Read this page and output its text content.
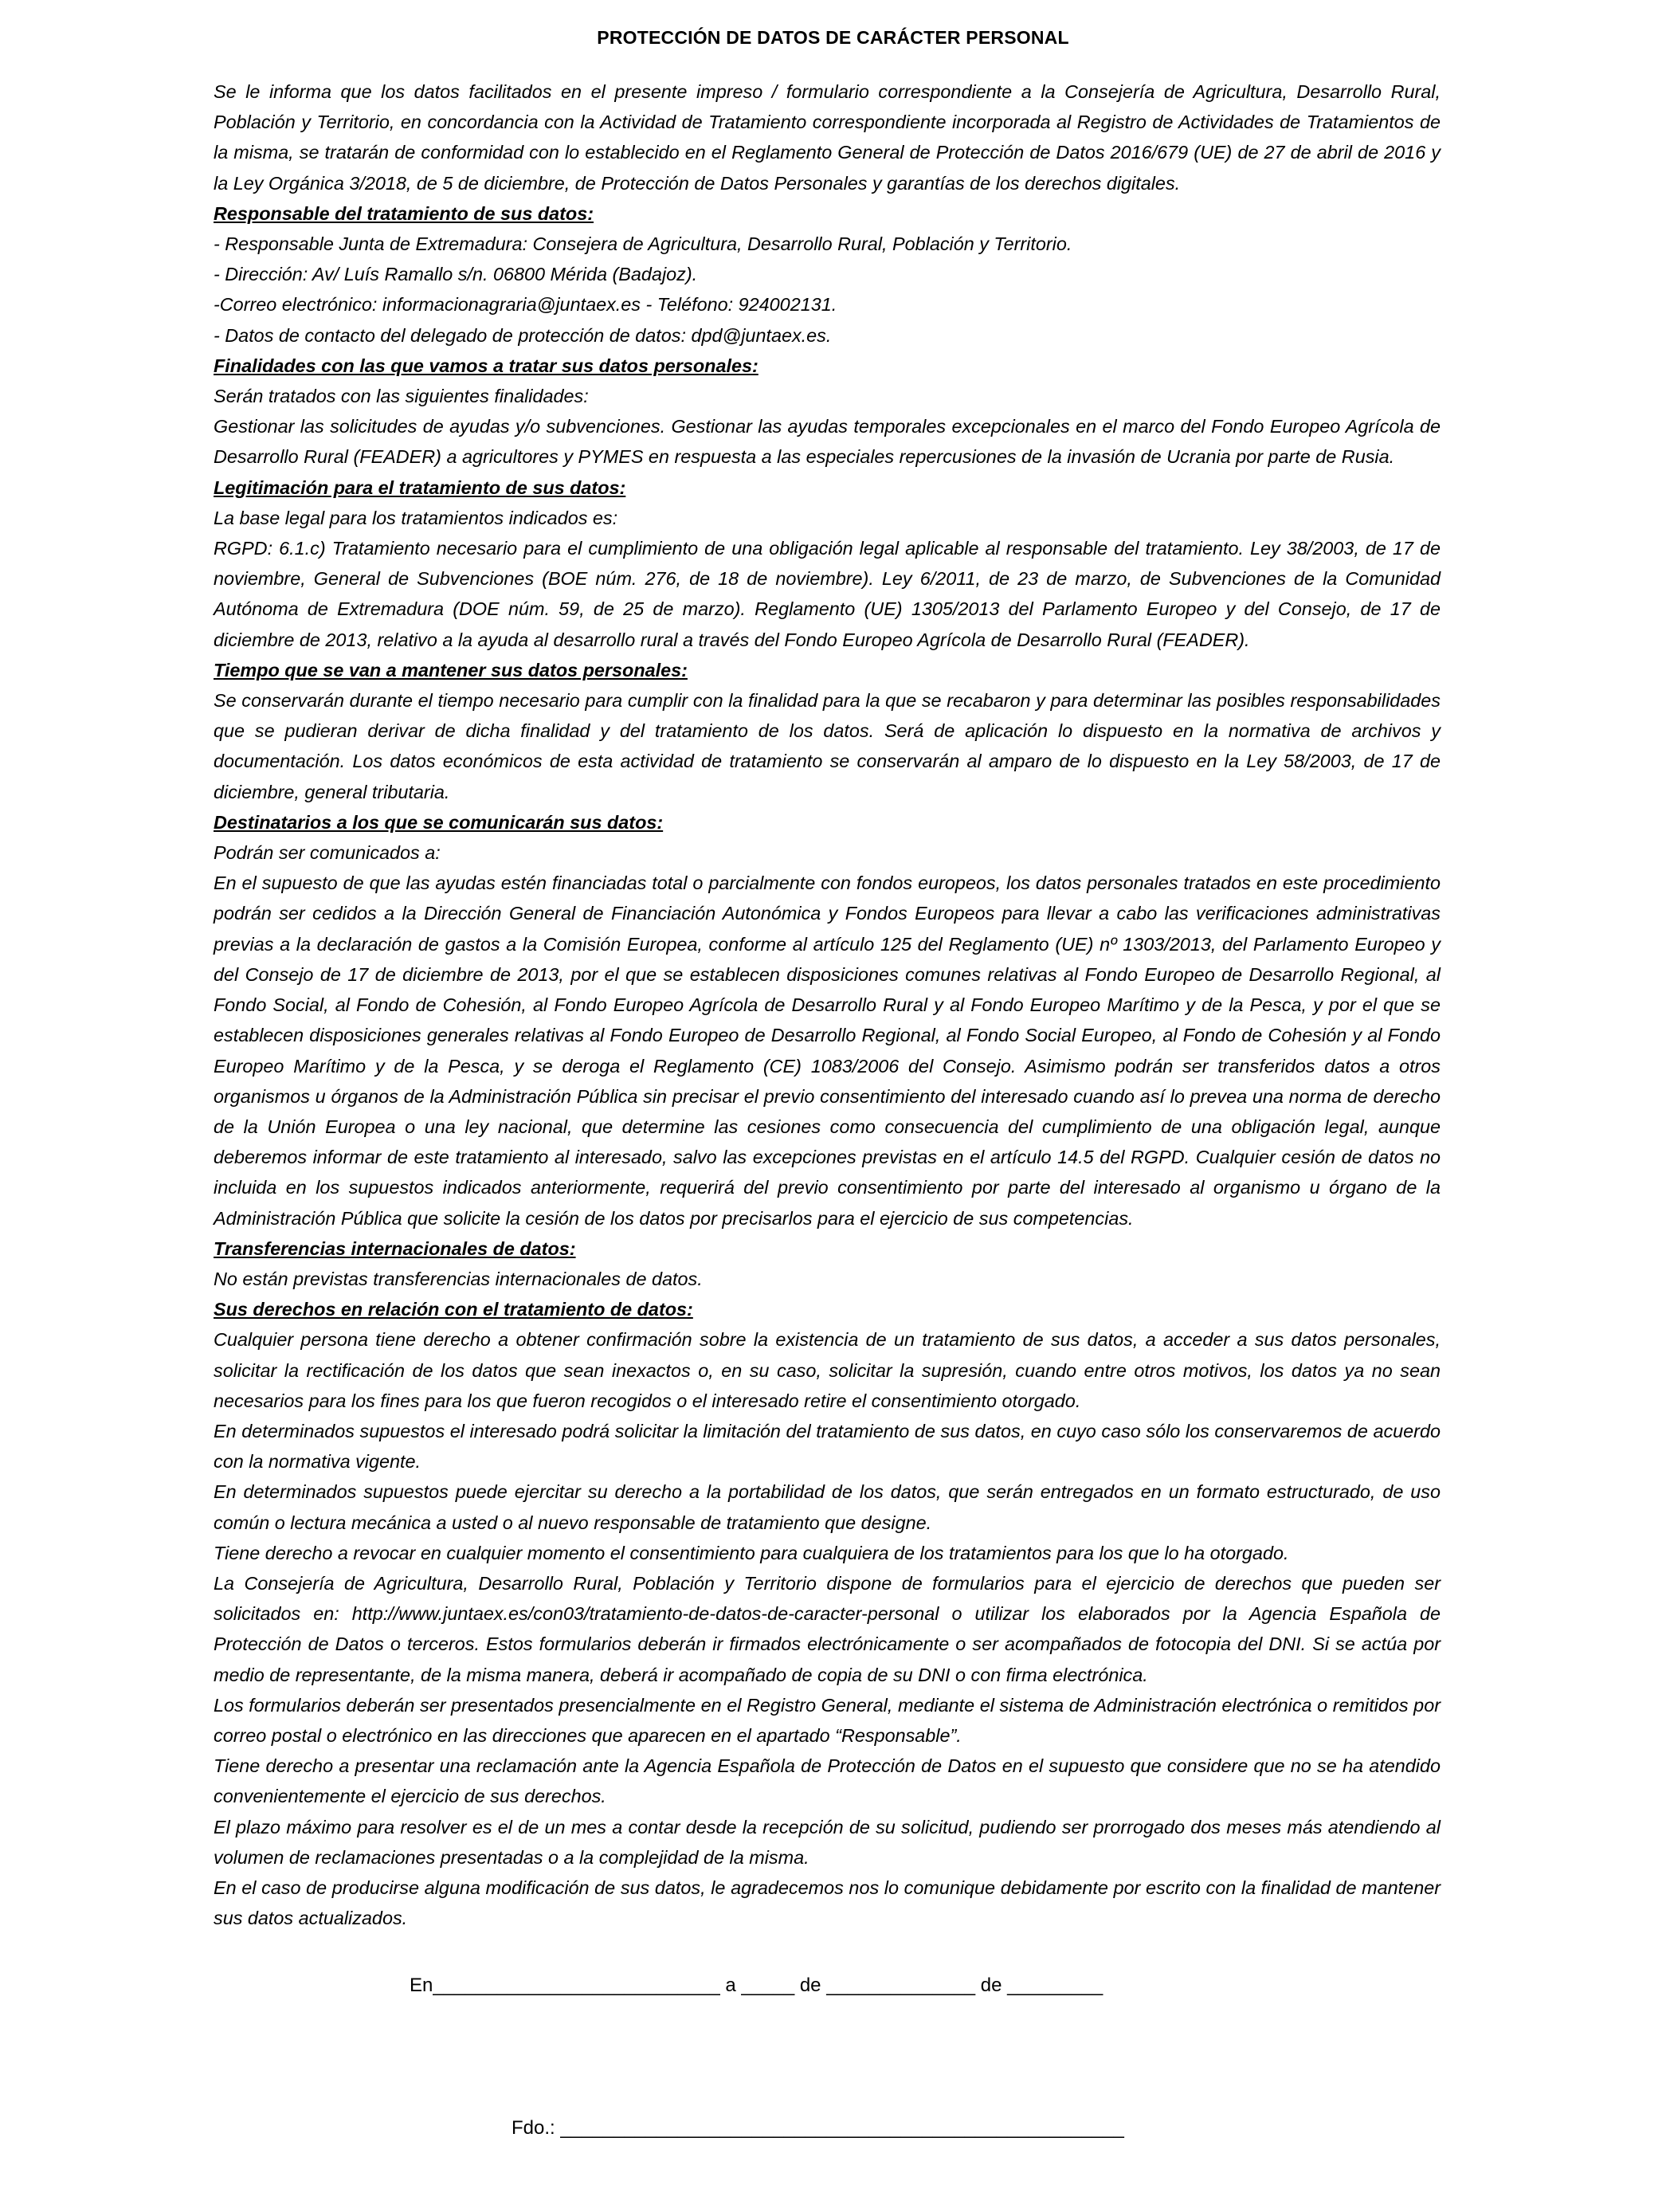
PROTECCIÓN DE DATOS DE CARÁCTER PERSONAL

Se le informa que los datos facilitados en el presente impreso / formulario correspondiente a la Consejería de Agricultura, Desarrollo Rural, Población y Territorio, en concordancia con la Actividad de Tratamiento correspondiente incorporada al Registro de Actividades de Tratamientos de la misma, se tratarán de conformidad con lo establecido en el Reglamento General de Protección de Datos 2016/679 (UE) de 27 de abril de 2016 y la Ley Orgánica 3/2018, de 5 de diciembre, de Protección de Datos Personales y garantías de los derechos digitales.

Responsable del tratamiento de sus datos:

- Responsable Junta de Extremadura: Consejera de Agricultura, Desarrollo Rural, Población y Territorio.

- Dirección: Av/ Luís Ramallo s/n. 06800 Mérida (Badajoz).

-Correo electrónico: informacionagraria@juntaex.es - Teléfono: 924002131.

- Datos de contacto del delegado de protección de datos: dpd@juntaex.es.

Finalidades con las que vamos a tratar sus datos personales:

Serán tratados con las siguientes finalidades:

Gestionar las solicitudes de ayudas y/o subvenciones. Gestionar las ayudas temporales excepcionales en el marco del Fondo Europeo Agrícola de Desarrollo Rural (FEADER) a agricultores y PYMES en respuesta a las especiales repercusiones de la invasión de Ucrania por parte de Rusia.

Legitimación para el tratamiento de sus datos:

La base legal para los tratamientos indicados es:

RGPD: 6.1.c) Tratamiento necesario para el cumplimiento de una obligación legal aplicable al responsable del tratamiento. Ley 38/2003, de 17 de noviembre, General de Subvenciones (BOE núm. 276, de 18 de noviembre). Ley 6/2011, de 23 de marzo, de Subvenciones de la Comunidad Autónoma de Extremadura (DOE núm. 59, de 25 de marzo). Reglamento (UE) 1305/2013 del Parlamento Europeo y del Consejo, de 17 de diciembre de 2013, relativo a la ayuda al desarrollo rural a través del Fondo Europeo Agrícola de Desarrollo Rural (FEADER).

Tiempo que se van a mantener sus datos personales:

Se conservarán durante el tiempo necesario para cumplir con la finalidad para la que se recabaron y para determinar las posibles responsabilidades que se pudieran derivar de dicha finalidad y del tratamiento de los datos. Será de aplicación lo dispuesto en la normativa de archivos y documentación. Los datos económicos de esta actividad de tratamiento se conservarán al amparo de lo dispuesto en la Ley 58/2003, de 17 de diciembre, general tributaria.

Destinatarios a los que se comunicarán sus datos:

Podrán ser comunicados a:

En el supuesto de que las ayudas estén financiadas total o parcialmente con fondos europeos, los datos personales tratados en este procedimiento podrán ser cedidos a la Dirección General de Financiación Autonómica y Fondos Europeos para llevar a cabo las verificaciones administrativas previas a la declaración de gastos a la Comisión Europea, conforme al artículo 125 del Reglamento (UE) nº 1303/2013, del Parlamento Europeo y del Consejo de 17 de diciembre de 2013, por el que se establecen disposiciones comunes relativas al Fondo Europeo de Desarrollo Regional, al Fondo Social, al Fondo de Cohesión, al Fondo Europeo Agrícola de Desarrollo Rural y al Fondo Europeo Marítimo y de la Pesca, y por el que se establecen disposiciones generales relativas al Fondo Europeo de Desarrollo Regional, al Fondo Social Europeo, al Fondo de Cohesión y al Fondo Europeo Marítimo y de la Pesca, y se deroga el Reglamento (CE) 1083/2006 del Consejo. Asimismo podrán ser transferidos datos a otros organismos u órganos de la Administración Pública sin precisar el previo consentimiento del interesado cuando así lo prevea una norma de derecho de la Unión Europea o una ley nacional, que determine las cesiones como consecuencia del cumplimiento de una obligación legal, aunque deberemos informar de este tratamiento al interesado, salvo las excepciones previstas en el artículo 14.5 del RGPD. Cualquier cesión de datos no incluida en los supuestos indicados anteriormente, requerirá del previo consentimiento por parte del interesado al organismo u órgano de la Administración Pública que solicite la cesión de los datos por precisarlos para el ejercicio de sus competencias.

Transferencias internacionales de datos:

No están previstas transferencias internacionales de datos.

Sus derechos en relación con el tratamiento de datos:

Cualquier persona tiene derecho a obtener confirmación sobre la existencia de un tratamiento de sus datos, a acceder a sus datos personales, solicitar la rectificación de los datos que sean inexactos o, en su caso, solicitar la supresión, cuando entre otros motivos, los datos ya no sean necesarios para los fines para los que fueron recogidos o el interesado retire el consentimiento otorgado.

En determinados supuestos el interesado podrá solicitar la limitación del tratamiento de sus datos, en cuyo caso sólo los conservaremos de acuerdo con la normativa vigente.

En determinados supuestos puede ejercitar su derecho a la portabilidad de los datos, que serán entregados en un formato estructurado, de uso común o lectura mecánica a usted o al nuevo responsable de tratamiento que designe.

Tiene derecho a revocar en cualquier momento el consentimiento para cualquiera de los tratamientos para los que lo ha otorgado.

La Consejería de Agricultura, Desarrollo Rural, Población y Territorio dispone de formularios para el ejercicio de derechos que pueden ser solicitados en: http://www.juntaex.es/con03/tratamiento-de-datos-de-caracter-personal o utilizar los elaborados por la Agencia Española de Protección de Datos o terceros. Estos formularios deberán ir firmados electrónicamente o ser acompañados de fotocopia del DNI. Si se actúa por medio de representante, de la misma manera, deberá ir acompañado de copia de su DNI o con firma electrónica.

Los formularios deberán ser presentados presencialmente en el Registro General, mediante el sistema de Administración electrónica o remitidos por correo postal o electrónico en las direcciones que aparecen en el apartado “Responsable”.

Tiene derecho a presentar una reclamación ante la Agencia Española de Protección de Datos en el supuesto que considere que no se ha atendido convenientemente el ejercicio de sus derechos.

El plazo máximo para resolver es el de un mes a contar desde la recepción de su solicitud, pudiendo ser prorrogado dos meses más atendiendo al volumen de reclamaciones presentadas o a la complejidad de la misma.

En el caso de producirse alguna modificación de sus datos, le agradecemos nos lo comunique debidamente por escrito con la finalidad de mantener sus datos actualizados.

En___________________________ a _____ de ______________ de _________
Fdo.: _____________________________________________________
